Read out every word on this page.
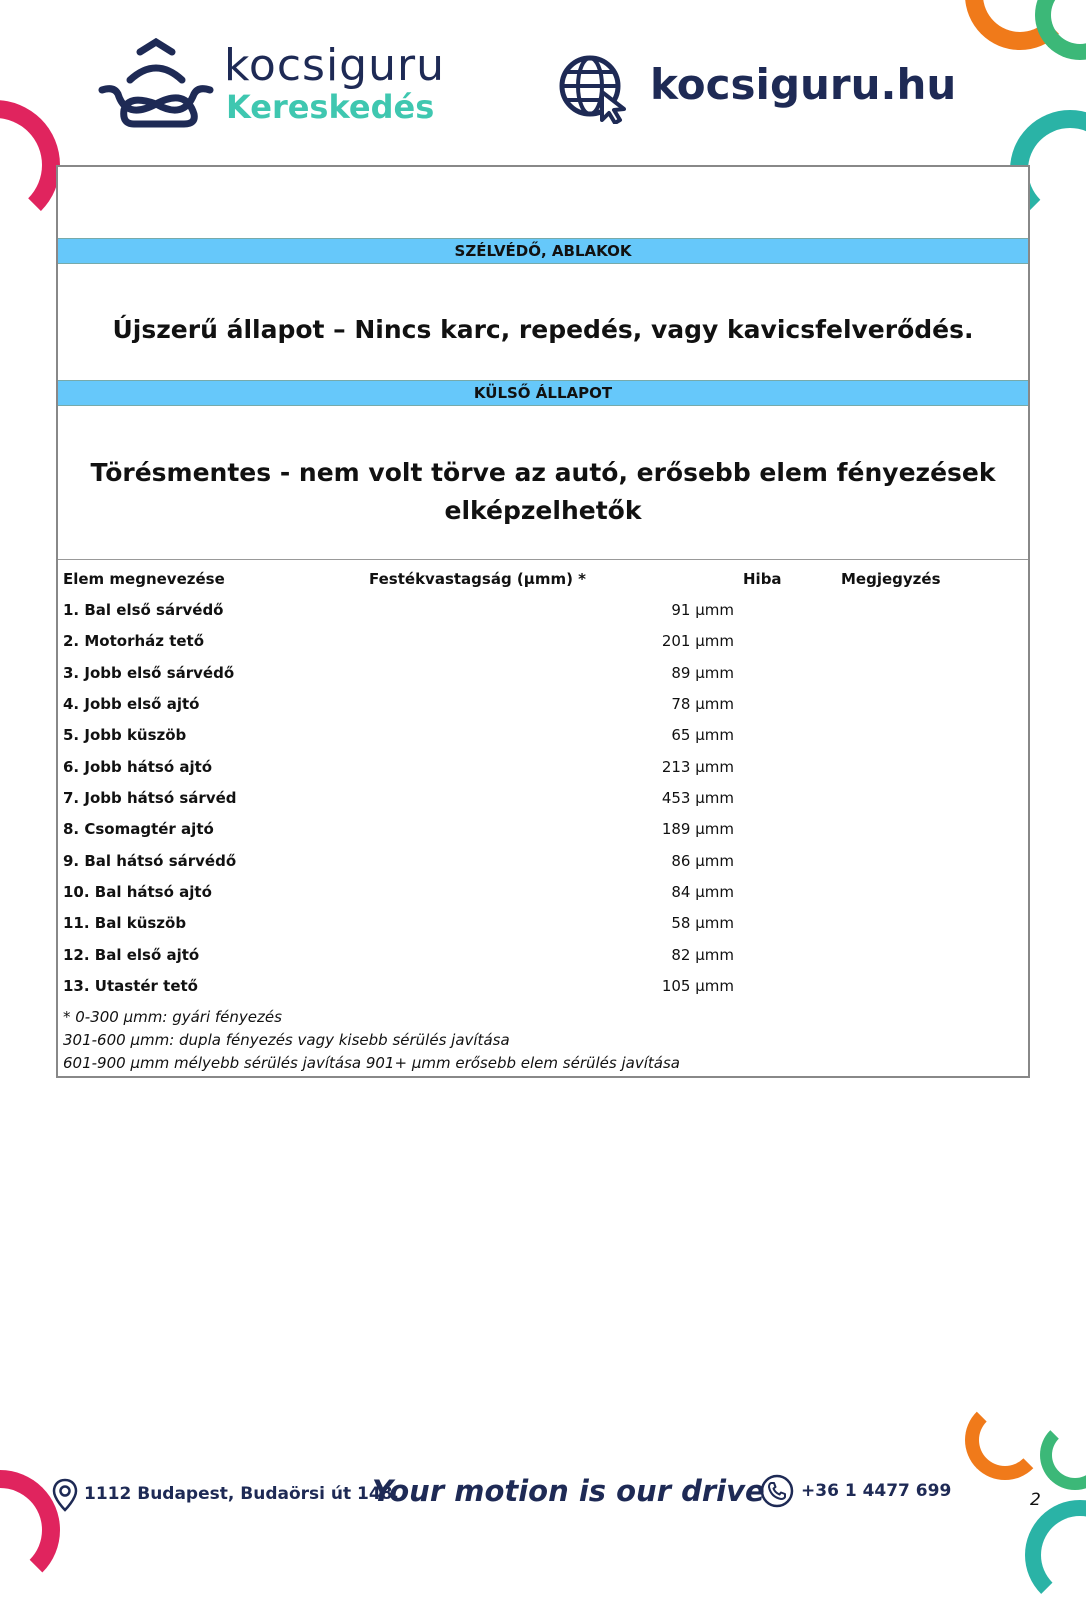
kocsiguru
Kereskedés	kocsiguru.hu
SZÉLVÉDŐ, ABLAKOK
Újszerű állapot – Nincs karc, repedés, vagy kavicsfelverődés.
KÜLSŐ ÁLLAPOT
Törésmentes - nem volt törve az autó, erősebb elem fényezések
elképzelhetők
Elem megnevezése	Festékvastagság (µmm) *	Hiba	Megjegyzés
1. Bal első sárvédő	91 µmm
2. Motorház tető	201 µmm
3. Jobb első sárvédő	89 µmm
4. Jobb első ajtó	78 µmm
5. Jobb küszöb	65 µmm
6. Jobb hátsó ajtó	213 µmm
7. Jobb hátsó sárvéd	453 µmm
8. Csomagtér ajtó	189 µmm
9. Bal hátsó sárvédő	86 µmm
10. Bal hátsó ajtó	84 µmm
11. Bal küszöb	58 µmm
12. Bal első ajtó	82 µmm
13. Utastér tető	105 µmm
* 0-300 µmm: gyári fényezés
301-600 µmm: dupla fényezés vagy kisebb sérülés javítása
601-900 µmm mélyebb sérülés javítása 901+ µmm erősebb elem sérülés javítása
1112 Budapest, Budaörsi út 148.
Your motion is our drive +36 1 4477 699	2
